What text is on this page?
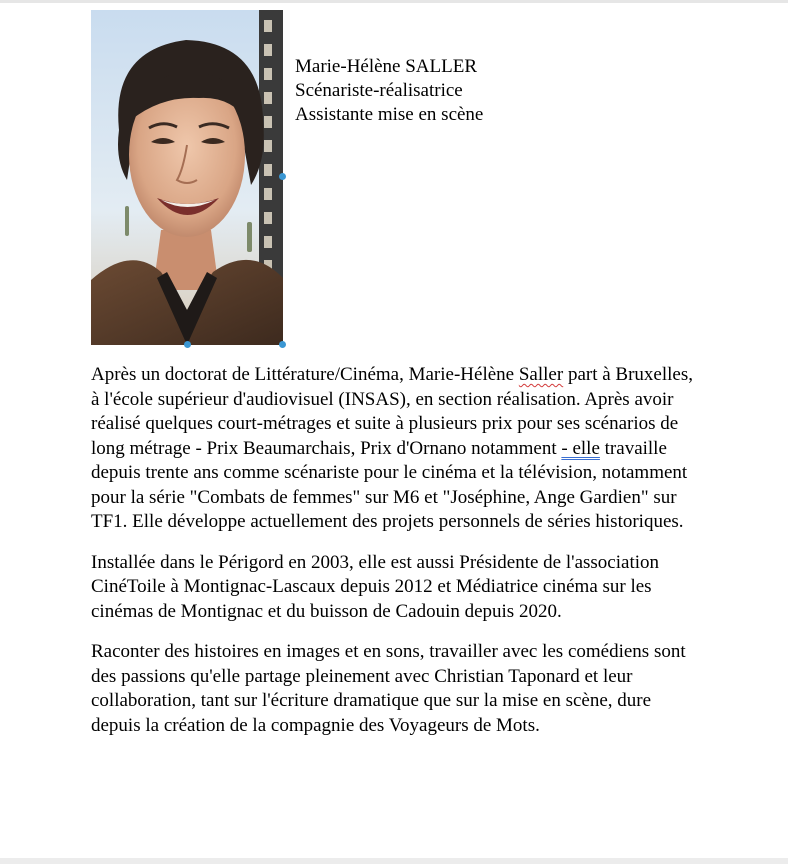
Marie-Hélène SALLER
Scénariste-réalisatrice
Assistante mise en scène

Après un doctorat de Littérature/Cinéma, Marie-Hélène Saller part à Bruxelles, à l'école supérieur d'audiovisuel (INSAS), en section réalisation. Après avoir réalisé quelques court-métrages et suite à plusieurs prix pour ses scénarios de long métrage - Prix Beaumarchais, Prix d'Ornano notamment - elle travaille depuis trente ans comme scénariste pour le cinéma et la télévision, notamment pour la série "Combats de femmes" sur M6 et "Joséphine, Ange Gardien" sur TF1. Elle développe actuellement des projets personnels de séries historiques.

Installée dans le Périgord en 2003, elle est aussi Présidente de l'association CinéToile à Montignac-Lascaux depuis 2012 et Médiatrice cinéma sur les cinémas de Montignac et du buisson de Cadouin depuis 2020.

Raconter des histoires en images et en sons, travailler avec les comédiens sont des passions qu'elle partage pleinement avec Christian Taponard et leur collaboration, tant sur l'écriture dramatique que sur la mise en scène, dure depuis la création de la compagnie des Voyageurs de Mots.
